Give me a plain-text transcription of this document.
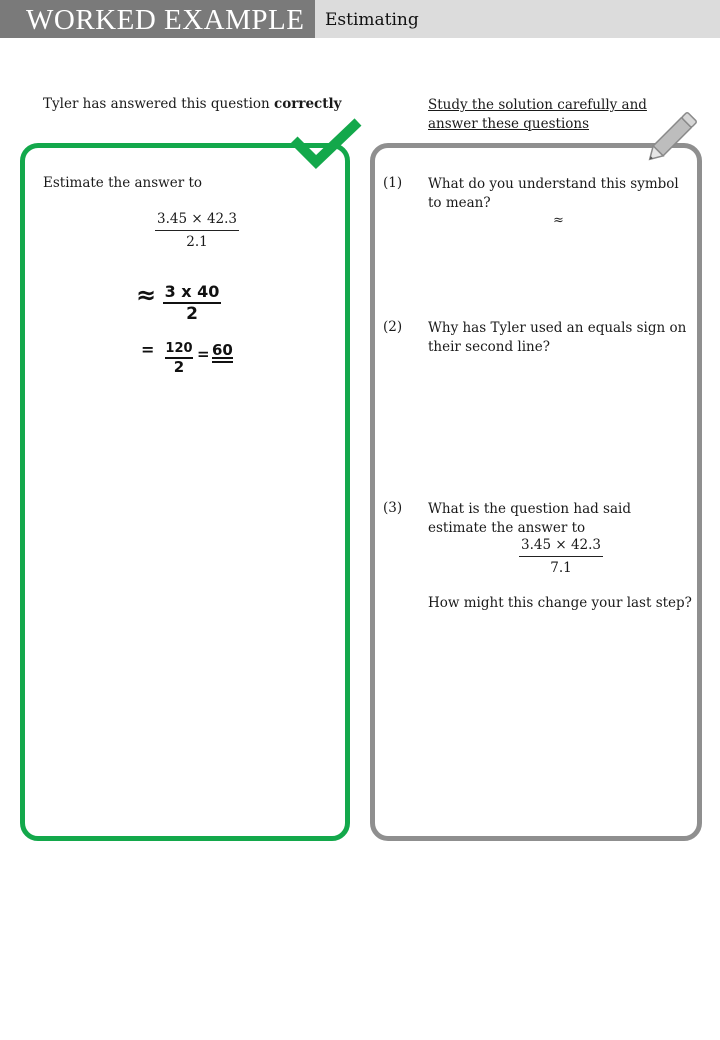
WORKED EXAMPLE	Estimating
Tyler has answered this question correctly	Study the solution carefully and answer these questions
Estimate the answer to
$\frac{3.45 \times 42.3}{2.1}$
≈ $\frac{3 x 40}{2}$
= $\frac{120}{2} = 60$
(1) What do you understand this symbol to mean?
≈
(2) Why has Tyler used an equals sign on their second line?
(3) What is the question had said estimate the answer to
$\frac{3.45 \times 42.3}{7.1}$
How might this change your last step?
